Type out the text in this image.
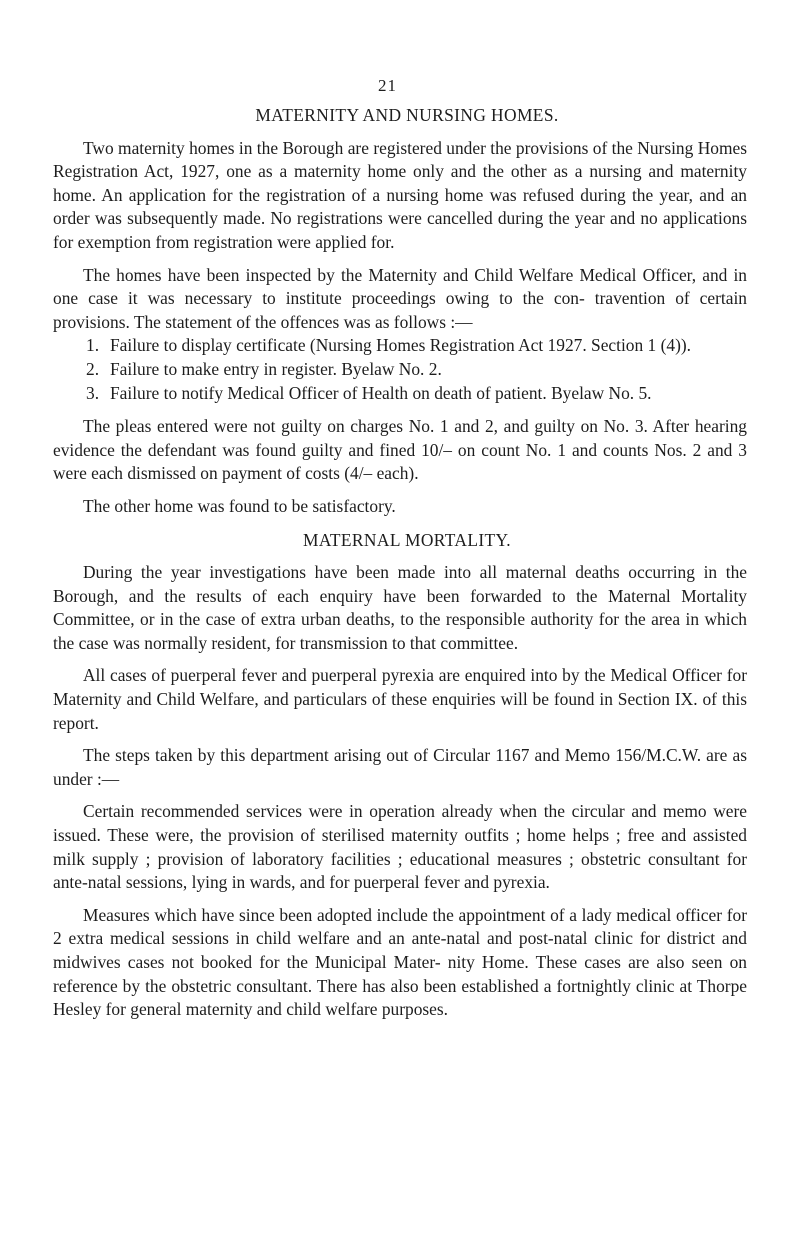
21
MATERNITY AND NURSING HOMES.

Two maternity homes in the Borough are registered under the provisions of the Nursing Homes Registration Act, 1927, one as a maternity home only and the other as a nursing and maternity home. An application for the registration of a nursing home was refused during the year, and an order was subsequently made. No registrations were cancelled during the year and no applications for exemption from registration were applied for.

The homes have been inspected by the Maternity and Child Welfare Medical Officer, and in one case it was necessary to institute proceedings owing to the con- travention of certain provisions. The statement of the offences was as follows :—

1. Failure to display certificate (Nursing Homes Registration Act 1927. Section 1 (4)).
2. Failure to make entry in register. Byelaw No. 2.
3. Failure to notify Medical Officer of Health on death of patient. Byelaw No. 5.

The pleas entered were not guilty on charges No. 1 and 2, and guilty on No. 3. After hearing evidence the defendant was found guilty and fined 10/– on count No. 1 and counts Nos. 2 and 3 were each dismissed on payment of costs (4/– each).

The other home was found to be satisfactory.

MATERNAL MORTALITY.

During the year investigations have been made into all maternal deaths occurring in the Borough, and the results of each enquiry have been forwarded to the Maternal Mortality Committee, or in the case of extra urban deaths, to the responsible authority for the area in which the case was normally resident, for transmission to that committee.

All cases of puerperal fever and puerperal pyrexia are enquired into by the Medical Officer for Maternity and Child Welfare, and particulars of these enquiries will be found in Section IX. of this report.

The steps taken by this department arising out of Circular 1167 and Memo 156/M.C.W. are as under :—

Certain recommended services were in operation already when the circular and memo were issued. These were, the provision of sterilised maternity outfits ; home helps ; free and assisted milk supply ; provision of laboratory facilities ; educational measures ; obstetric consultant for ante-natal sessions, lying in wards, and for puerperal fever and pyrexia.

Measures which have since been adopted include the appointment of a lady medical officer for 2 extra medical sessions in child welfare and an ante-natal and post-natal clinic for district and midwives cases not booked for the Municipal Mater- nity Home. These cases are also seen on reference by the obstetric consultant. There has also been established a fortnightly clinic at Thorpe Hesley for general maternity and child welfare purposes.
